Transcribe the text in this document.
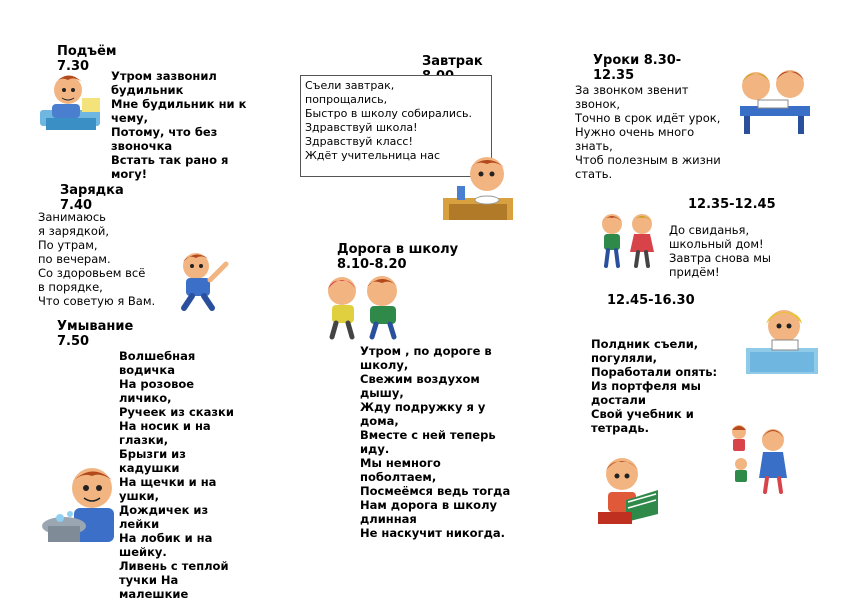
Подъём
7.30
Утром зазвонил
будильник
Мне будильник ни к
чему,
Потому, что без
звоночка
Встать так рано я
могу!
Зарядка
7.40
Занимаюсь
я зарядкой,
По утрам,
по вечерам.
Со здоровьем всё
в порядке,
Что советую я Вам.
Умывание
7.50
Волшебная
водичка
На розовое
личико,
Ручеек из сказки
На носик и на
глазки,
Брызги из
кадушки
На щечки и на
ушки,
Дождичек из
лейки
На лобик и на
шейку.
Ливень с теплой
тучки На
малешкие
Завтрак

Съели завтрак,
попрощались,
Быстро в школу собирались.
Здравствуй школа!
Здравствуй класс!
Ждёт учительница нас
Дорога в школу
8.10-8.20
Утром , по дороге в
школу,
Свежим воздухом
дышу,
Жду подружку я у
дома,
Вместе с ней теперь
иду.
Мы немного
поболтаем,
Посмеёмся ведь тогда
Нам дорога в школу
длинная
Не наскучит никогда.
Уроки 8.30-
12.35
За звонком звенит
звонок,
Точно в срок идёт урок,
Нужно очень много
знать,
Чтоб полезным в жизни
стать.
12.35-12.45
До свиданья,
школьный дом!
Завтра снова мы
придём!
12.45-16.30
Полдник съели,
погуляли,
Поработали опять:
Из портфеля мы
достали
Свой учебник и
тетрадь.
